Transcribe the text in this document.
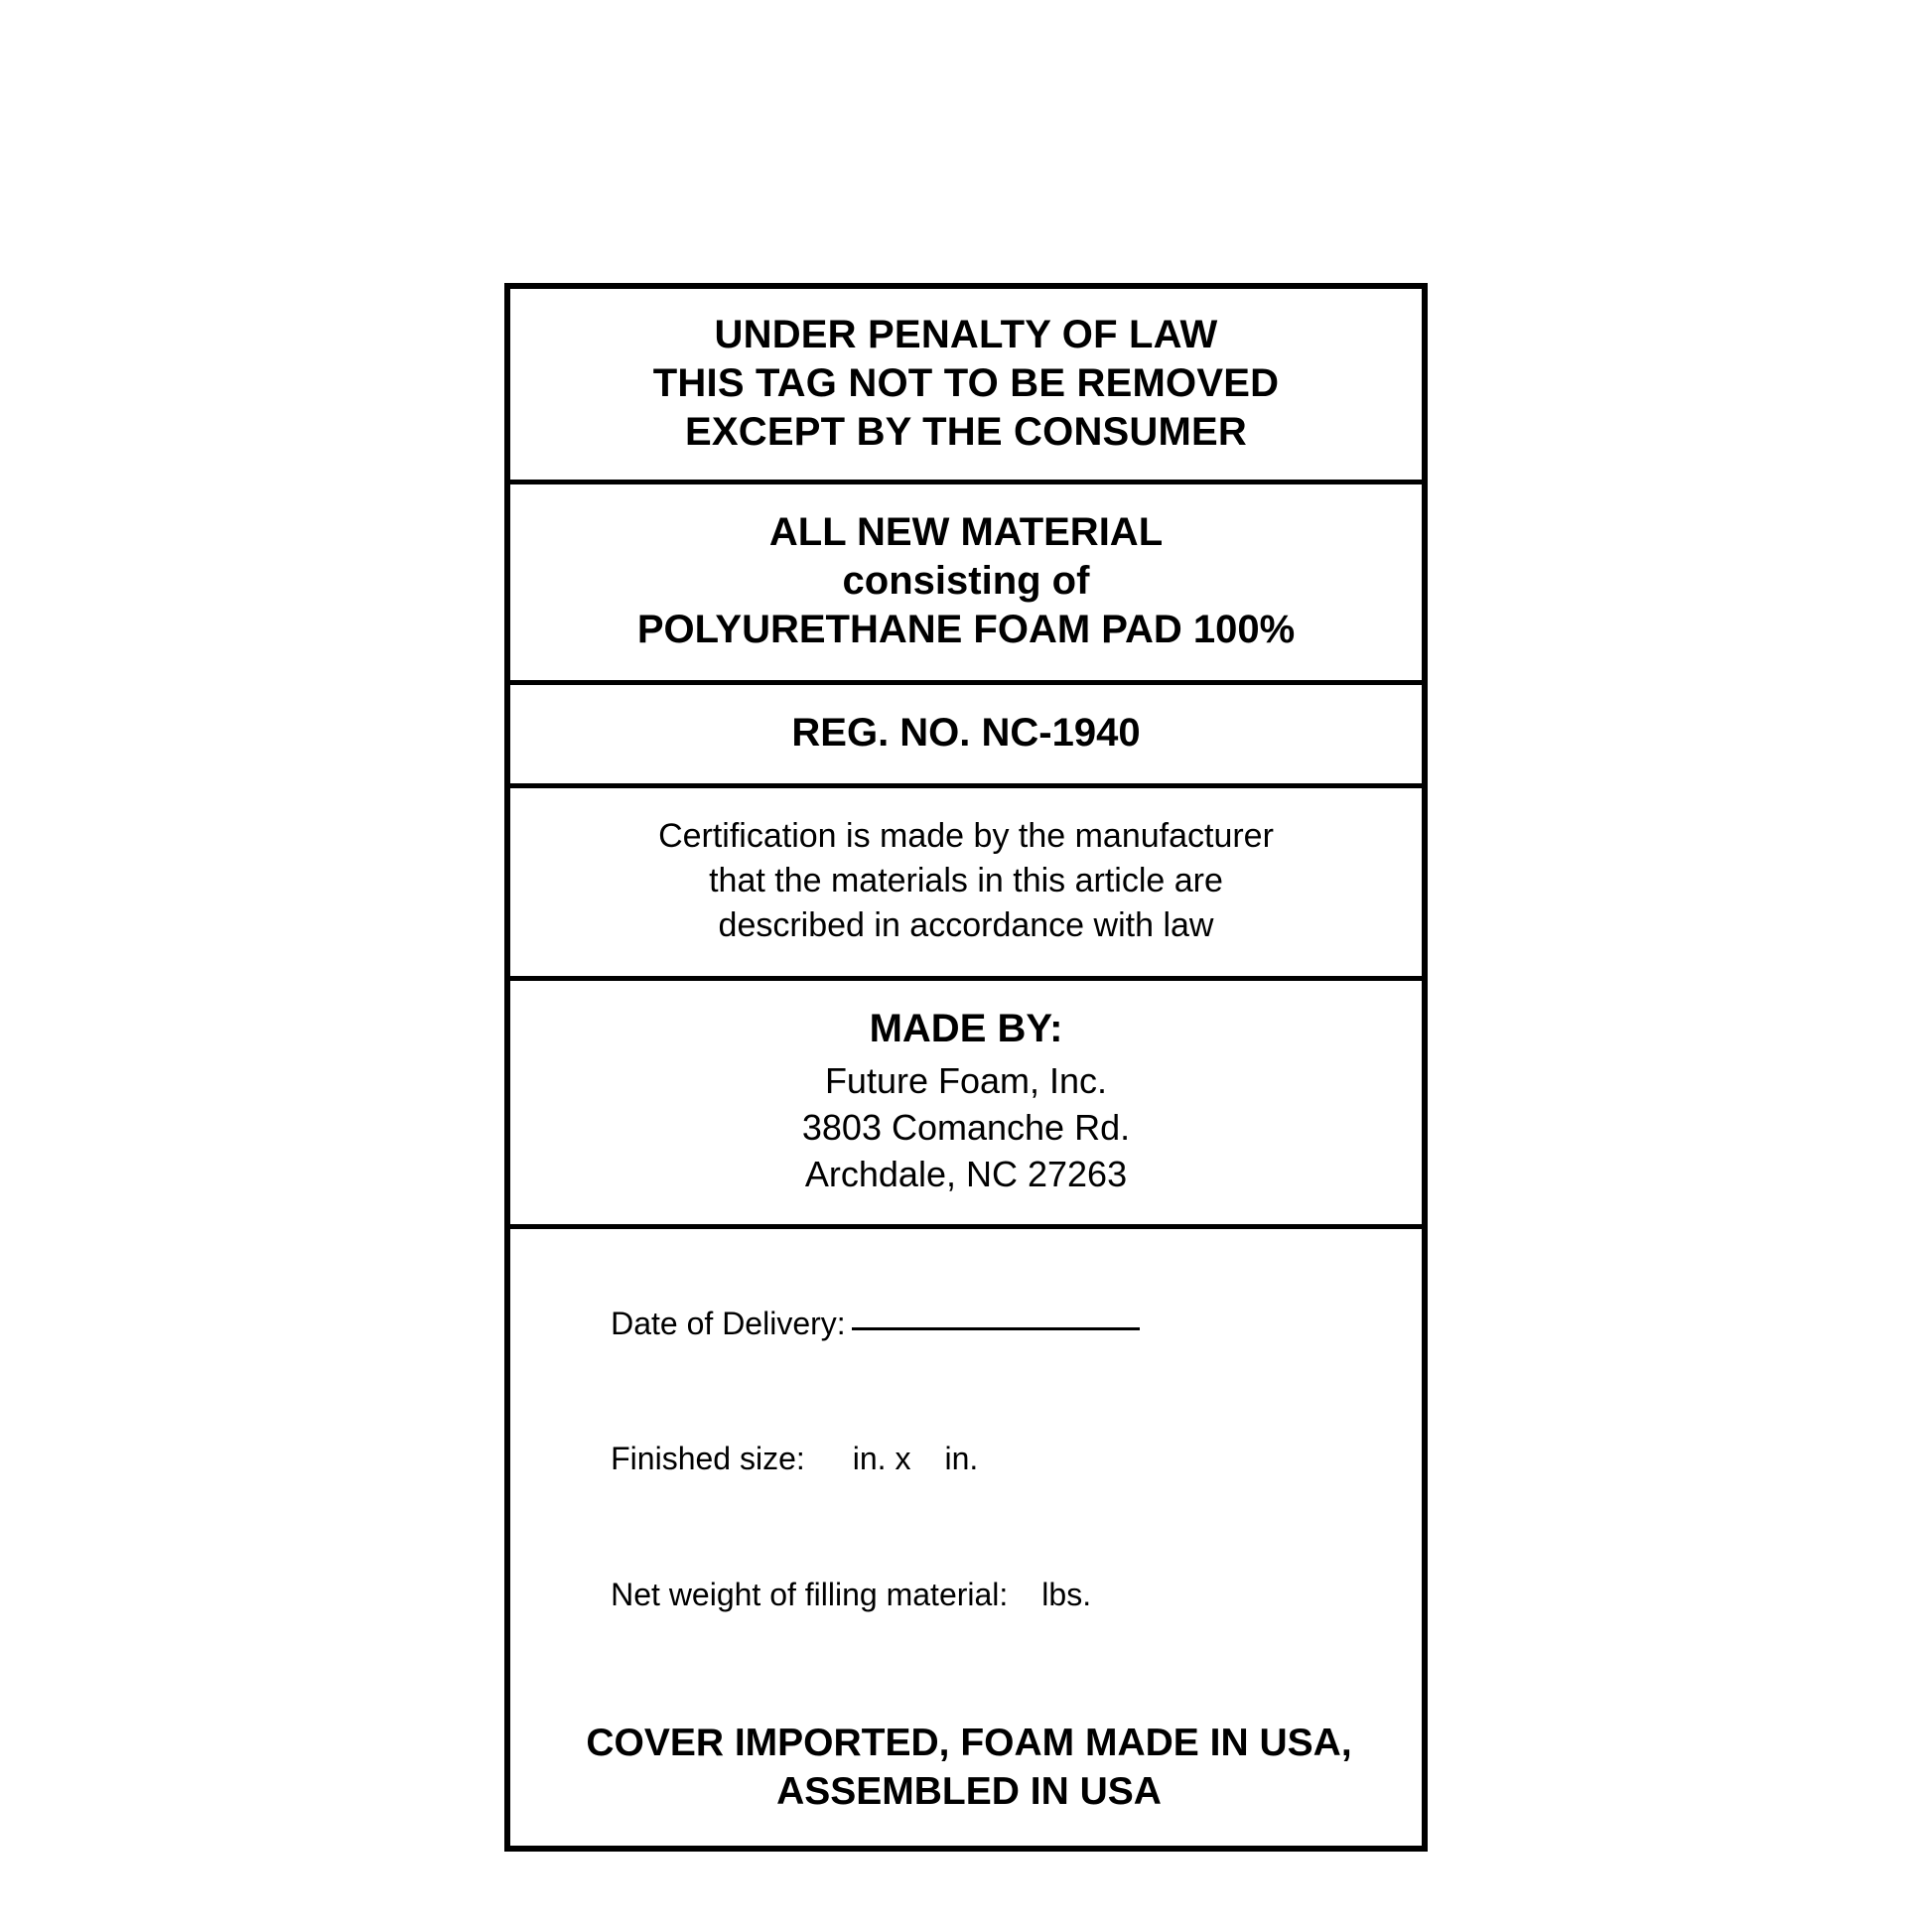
UNDER PENALTY OF LAW
THIS TAG NOT TO BE REMOVED
EXCEPT BY THE CONSUMER
ALL NEW MATERIAL
consisting of
POLYURETHANE FOAM PAD 100%
REG. NO. NC-1940
Certification is made by the manufacturer
that the materials in this article are
described in accordance with law
MADE BY:
Future Foam, Inc.
3803 Comanche Rd.
Archdale, NC 27263

Date of Delivery:

Finished size: in. x in.

Net weight of filling material: lbs.

COVER IMPORTED, FOAM MADE IN USA,
ASSEMBLED IN USA
